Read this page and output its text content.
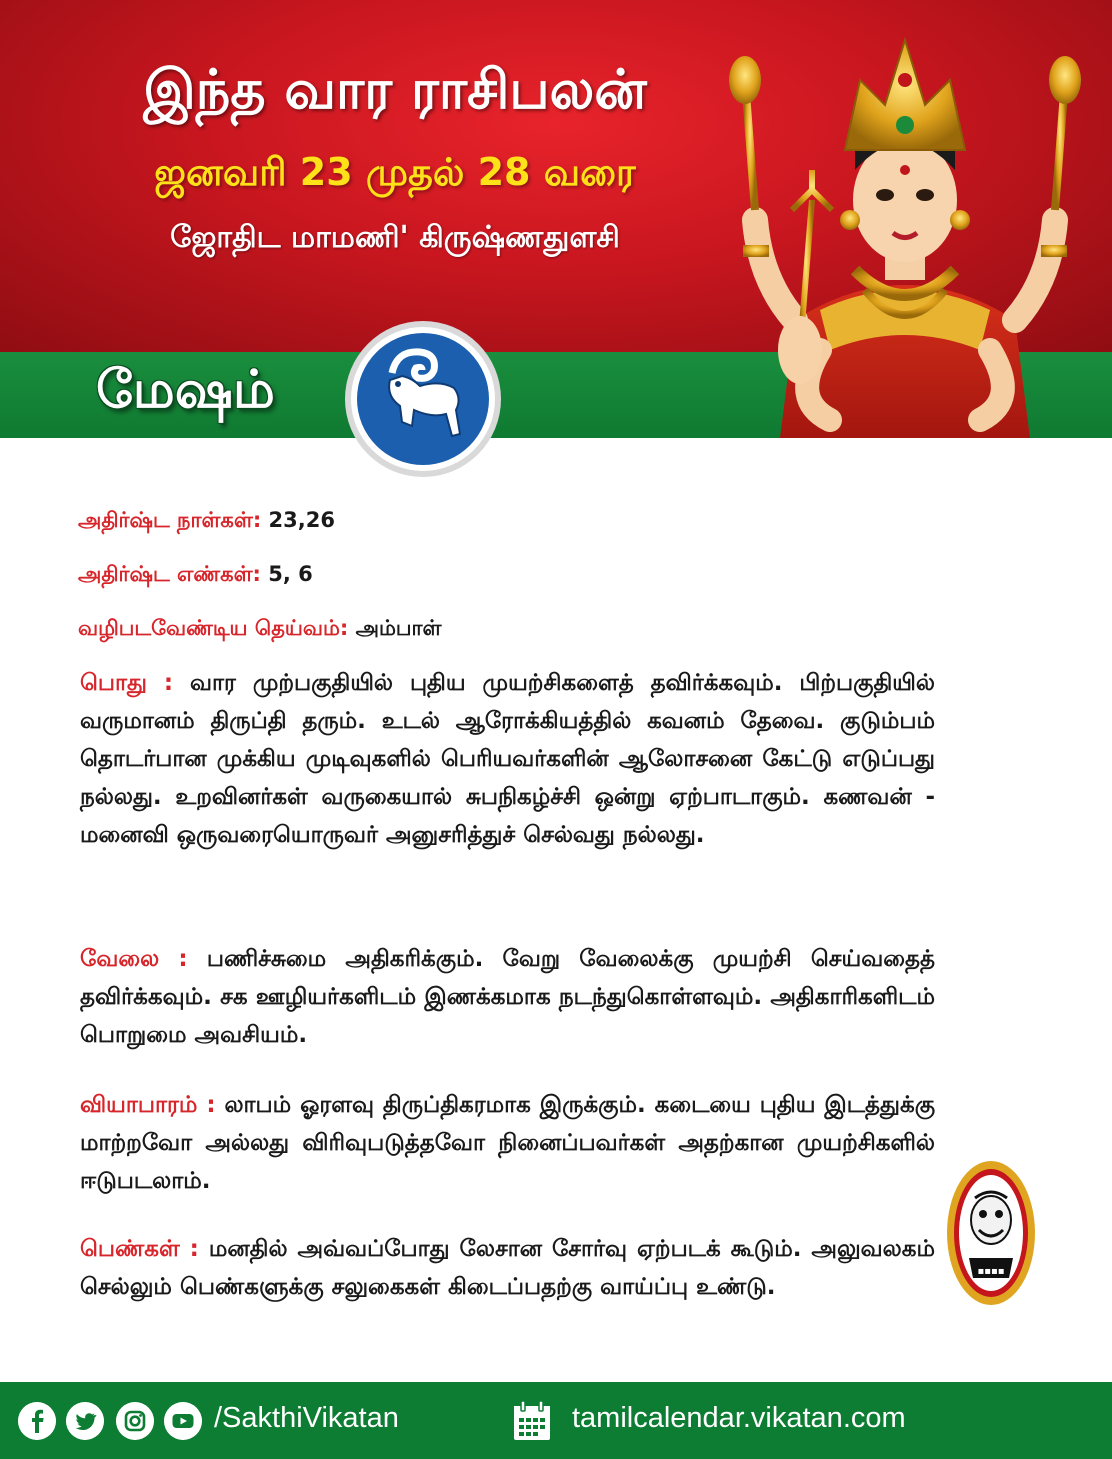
இந்த வார ராசிபலன்
ஜனவரி 23 முதல் 28 வரை
ஜோதிட மாமணி' கிருஷ்ணதுளசி
மேஷம்
அதிர்ஷ்ட நாள்கள்: 23,26
அதிர்ஷ்ட எண்கள்: 5, 6
வழிபடவேண்டிய தெய்வம்: அம்பாள்
பொது : வார முற்பகுதியில் புதிய முயற்சிகளைத் தவிர்க்கவும். பிற்பகுதியில் வருமானம் திருப்தி தரும். உடல் ஆரோக்கியத்தில் கவனம் தேவை. குடும்பம் தொடர்பான முக்கிய முடிவுகளில் பெரியவர்களின் ஆலோசனை கேட்டு எடுப்பது நல்லது. உறவினர்கள் வருகையால் சுபநிகழ்ச்சி ஒன்று ஏற்பாடாகும். கணவன் - மனைவி ஒருவரையொருவர் அனுசரித்துச் செல்வது நல்லது.
வேலை : பணிச்சுமை அதிகரிக்கும். வேறு வேலைக்கு முயற்சி செய்வதைத் தவிர்க்கவும். சக ஊழியர்களிடம் இணக்கமாக நடந்துகொள்ளவும். அதிகாரிகளிடம் பொறுமை அவசியம்.
வியாபாரம் : லாபம் ஓரளவு திருப்திகரமாக இருக்கும். கடையை புதிய இடத்துக்கு மாற்றவோ அல்லது விரிவுபடுத்தவோ நினைப்பவர்கள் அதற்கான முயற்சிகளில் ஈடுபடலாம்.
பெண்கள் : மனதில் அவ்வப்போது லேசான சோர்வு ஏற்படக் கூடும். அலுவலகம் செல்லும் பெண்களுக்கு சலுகைகள் கிடைப்பதற்கு வாய்ப்பு உண்டு.
▪▪▪▪
/SakthiVikatan	tamilcalendar.vikatan.com
